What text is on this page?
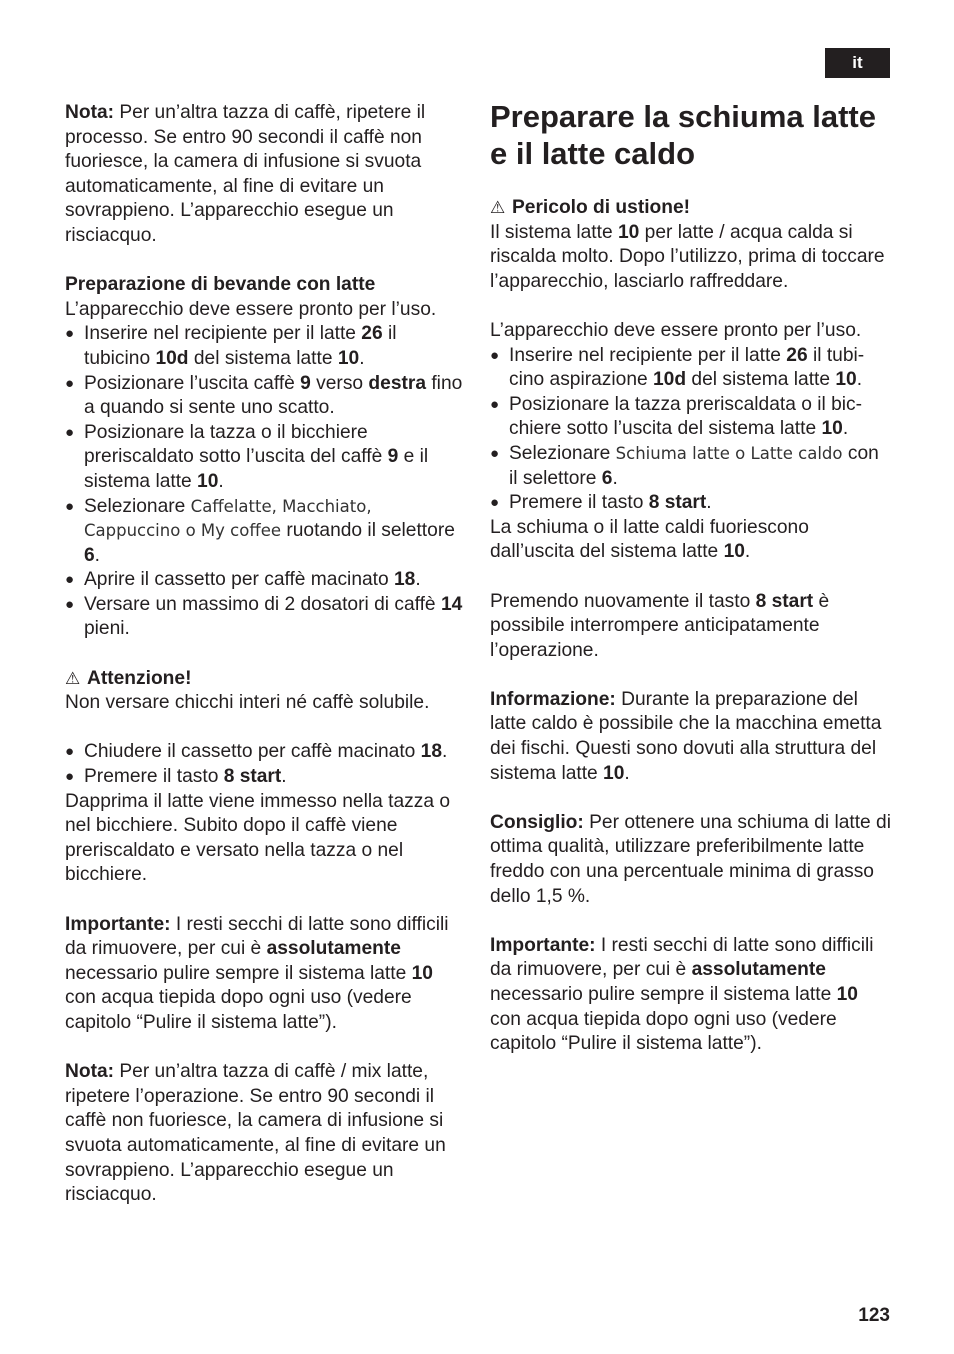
it

Nota: Per un’altra tazza di caffè, ripetere il processo. Se entro 90 secondi il caffè non fuoriesce, la camera di infusione si svuota automaticamente, al fine di evitare un sovrappieno. L’apparecchio esegue un risciacquo.

Preparazione di bevande con latte

L’apparecchio deve essere pronto per l’uso.

● Inserire nel recipiente per il latte 26 il tubicino 10d del sistema latte 10.
● Posizionare l’uscita caffè 9 verso destra fino a quando si sente uno scatto.
● Posizionare la tazza o il bicchiere preriscaldato sotto l’uscita del caffè 9 e il sistema latte 10.
● Selezionare Caffelatte, Macchiato, Cappuccino o My coffee ruotando il selettore 6.
● Aprire il cassetto per caffè macinato 18.
● Versare un massimo di 2 dosatori di caffè 14 pieni.

⚠ Attenzione!

Non versare chicchi interi né caffè solubile.

● Chiudere il cassetto per caffè macinato 18.
● Premere il tasto 8 start.

Dapprima il latte viene immesso nella tazza o nel bicchiere. Subito dopo il caffè viene preriscaldato e versato nella tazza o nel bicchiere.

Importante: I resti secchi di latte sono difficili da rimuovere, per cui è assolutamente necessario pulire sempre il sistema latte 10 con acqua tiepida dopo ogni uso (vedere capitolo “Pulire il sistema latte”).

Nota: Per un’altra tazza di caffè / mix latte, ripetere l’operazione. Se entro 90 secondi il caffè non fuoriesce, la camera di infusione si svuota automaticamente, al fine di evitare un sovrappieno. L’apparecchio esegue un risciacquo.

Preparare la schiuma latte e il latte caldo

⚠ Pericolo di ustione!

Il sistema latte 10 per latte / acqua calda si riscalda molto. Dopo l’utilizzo, prima di toccare l’apparecchio, lasciarlo raffreddare.

L’apparecchio deve essere pronto per l’uso.

● Inserire nel recipiente per il latte 26 il tubicino aspirazione 10d del sistema latte 10.
● Posizionare la tazza preriscaldata o il bicchiere sotto l’uscita del sistema latte 10.
● Selezionare Schiuma latte o Latte caldo con il selettore 6.
● Premere il tasto 8 start.

La schiuma o il latte caldi fuoriescono dall’uscita del sistema latte 10.

Premendo nuovamente il tasto 8 start è possibile interrompere anticipatamente l’operazione.

Informazione: Durante la preparazione del latte caldo è possibile che la macchina emetta dei fischi. Questi sono dovuti alla struttura del sistema latte 10.

Consiglio: Per ottenere una schiuma di latte di ottima qualità, utilizzare preferibilmente latte freddo con una percentuale minima di grasso dello 1,5 %.

Importante: I resti secchi di latte sono difficili da rimuovere, per cui è assolutamente necessario pulire sempre il sistema latte 10 con acqua tiepida dopo ogni uso (vedere capitolo “Pulire il sistema latte”).

123
